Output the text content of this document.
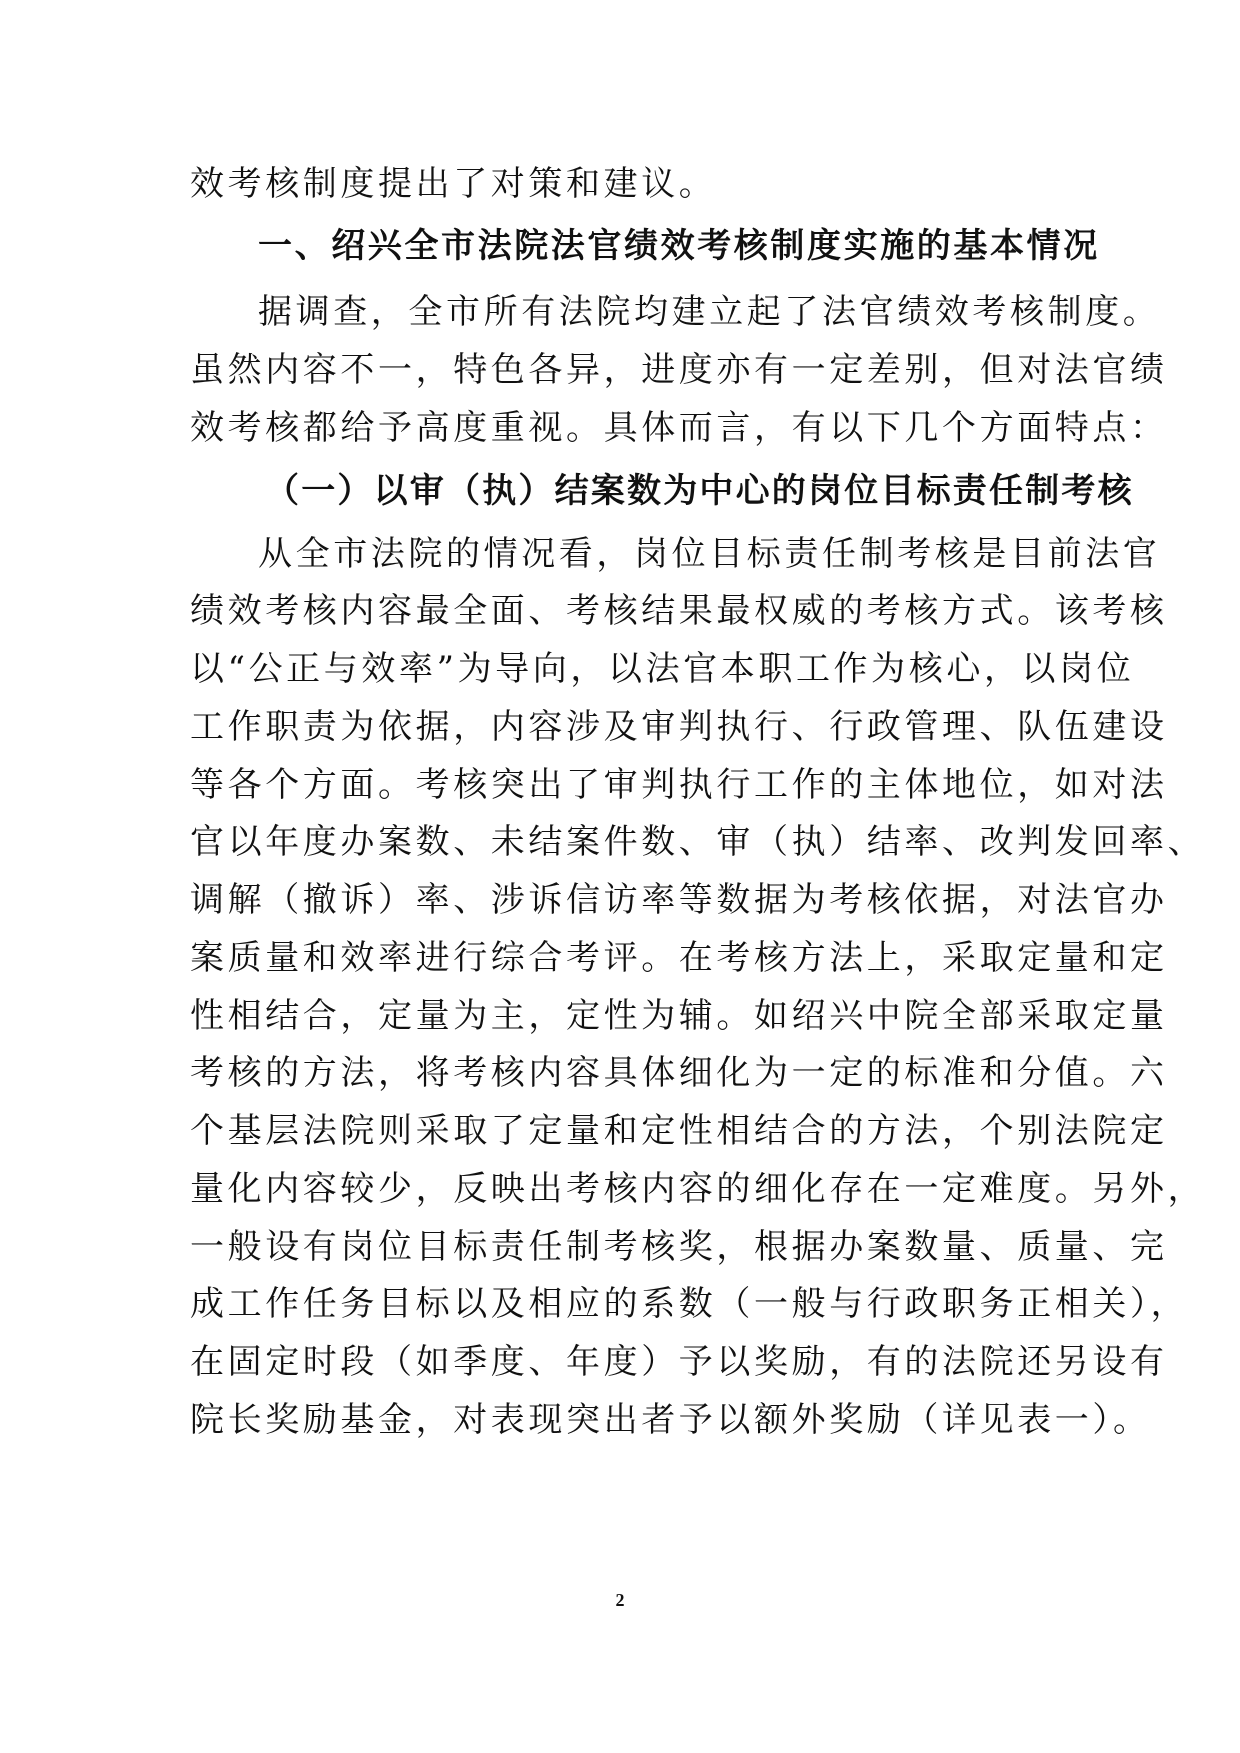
效考核制度提出了对策和建议。
一、绍兴全市法院法官绩效考核制度实施的基本情况
据调查，全市所有法院均建立起了法官绩效考核制度。
虽然内容不一，特色各异，进度亦有一定差别，但对法官绩
效考核都给予高度重视。具体而言，有以下几个方面特点：
（一）以审（执）结案数为中心的岗位目标责任制考核
从全市法院的情况看，岗位目标责任制考核是目前法官
绩效考核内容最全面、考核结果最权威的考核方式。该考核
以“公正与效率”为导向，以法官本职工作为核心，以岗位
工作职责为依据，内容涉及审判执行、行政管理、队伍建设
等各个方面。考核突出了审判执行工作的主体地位，如对法
官以年度办案数、未结案件数、审（执）结率、改判发回率、
调解（撤诉）率、涉诉信访率等数据为考核依据，对法官办
案质量和效率进行综合考评。在考核方法上，采取定量和定
性相结合，定量为主，定性为辅。如绍兴中院全部采取定量
考核的方法，将考核内容具体细化为一定的标准和分值。六
个基层法院则采取了定量和定性相结合的方法，个别法院定
量化内容较少，反映出考核内容的细化存在一定难度。另外，
一般设有岗位目标责任制考核奖，根据办案数量、质量、完
成工作任务目标以及相应的系数（一般与行政职务正相关），
在固定时段（如季度、年度）予以奖励，有的法院还另设有
院长奖励基金，对表现突出者予以额外奖励（详见表一）。
2
